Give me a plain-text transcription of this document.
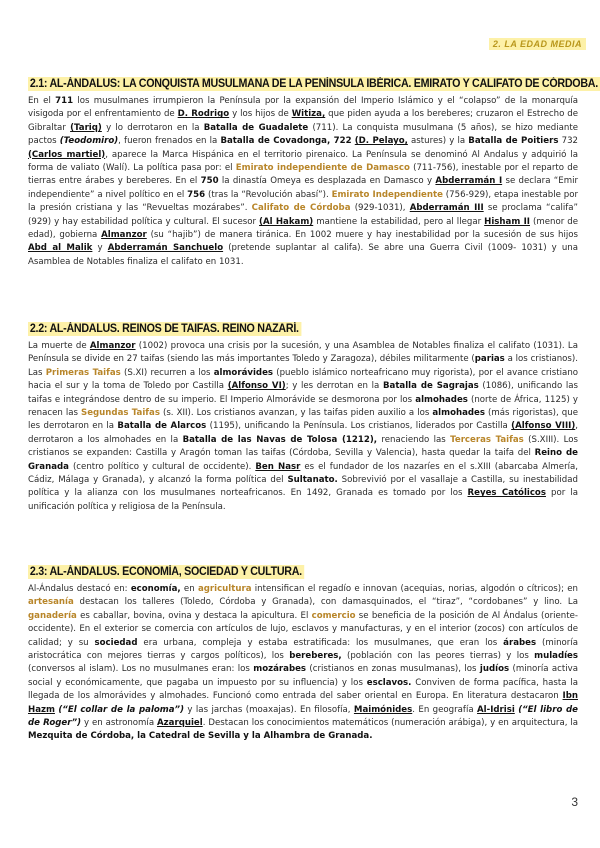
2. LA EDAD MEDIA
2.1: AL-ÁNDALUS: LA CONQUISTA MUSULMANA DE LA PENÍNSULA IBÉRICA. EMIRATO Y CALIFATO DE CÓRDOBA.

En el 711 los musulmanes irrumpieron la Península por la expansión del Imperio Islámico y el “colapso” de la monarquía visigoda por el enfrentamiento de D. Rodrigo y los hijos de Witiza, que piden ayuda a los bereberes; cruzaron el Estrecho de Gibraltar (Tariq) y lo derrotaron en la Batalla de Guadalete (711). La conquista musulmana (5 años), se hizo mediante pactos (Teodomiro), fueron frenados en la Batalla de Covadonga, 722 (D. Pelayo, astures) y la Batalla de Poitiers 732 (Carlos martiel), aparece la Marca Hispánica en el territorio pirenaico. La Península se denominó Al Andalus y adquirió la forma de valiato (Walí). La política pasa por: el Emirato independiente de Damasco (711-756), inestable por el reparto de tierras entre árabes y bereberes. En el 750 la dinastía Omeya es desplazada en Damasco y Abderramán I se declara “Emir independiente” a nivel político en el 756 (tras la “Revolución abasí”). Emirato Independiente (756-929), etapa inestable por la presión cristiana y las “Revueltas mozárabes”. Califato de Córdoba (929-1031), Abderramán III se proclama “califa” (929) y hay estabilidad política y cultural. El sucesor (Al Hakam) mantiene la estabilidad, pero al llegar Hisham II (menor de edad), gobierna Almanzor (su “hajib”) de manera tiránica. En 1002 muere y hay inestabilidad por la sucesión de sus hijos Abd al Malik y Abderramán Sanchuelo (pretende suplantar al califa). Se abre una Guerra Civil (1009- 1031) y una Asamblea de Notables finaliza el califato en 1031.

2.2: AL-ÁNDALUS. REINOS DE TAIFAS. REINO NAZARÍ.

La muerte de Almanzor (1002) provoca una crisis por la sucesión, y una Asamblea de Notables finaliza el califato (1031). La Península se divide en 27 taifas (siendo las más importantes Toledo y Zaragoza), débiles militarmente (parias a los cristianos). Las Primeras Taifas (S.XI) recurren a los almorávides (pueblo islámico norteafricano muy rigorista), por el avance cristiano hacia el sur y la toma de Toledo por Castilla (Alfonso VI); y les derrotan en la Batalla de Sagrajas (1086), unificando las taifas e integrándose dentro de su imperio. El Imperio Almorávide se desmorona por los almohades (norte de África, 1125) y renacen las Segundas Taifas (s. XII). Los cristianos avanzan, y las taifas piden auxilio a los almohades (más rigoristas), que les derrotaron en la Batalla de Alarcos (1195), unificando la Península. Los cristianos, liderados por Castilla (Alfonso VIII), derrotaron a los almohades en la Batalla de las Navas de Tolosa (1212), renaciendo las Terceras Taifas (S.XIII). Los cristianos se expanden: Castilla y Aragón toman las taifas (Córdoba, Sevilla y Valencia), hasta quedar la taifa del Reino de Granada (centro político y cultural de occidente). Ben Nasr es el fundador de los nazaríes en el s.XIII (abarcaba Almería, Cádiz, Málaga y Granada), y alcanzó la forma política del Sultanato. Sobrevivió por el vasallaje a Castilla, su inestabilidad política y la alianza con los musulmanes norteafricanos. En 1492, Granada es tomado por los Reyes Católicos por la unificación política y religiosa de la Península.

2.3: AL-ÁNDALUS. ECONOMÍA, SOCIEDAD Y CULTURA.

Al-Ándalus destacó en: economía, en agricultura intensifican el regadío e innovan (acequias, norias, algodón o cítricos); en artesanía destacan los talleres (Toledo, Córdoba y Granada), con damasquinados, el “tiraz”, “cordobanes” y lino. La ganadería es caballar, bovina, ovina y destaca la apicultura. El comercio se beneficia de la posición de Al Ándalus (oriente-occidente). En el exterior se comercia con artículos de lujo, esclavos y manufacturas, y en el interior (zocos) con artículos de calidad; y su sociedad era urbana, compleja y estaba estratificada: los musulmanes, que eran los árabes (minoría aristocrática con mejores tierras y cargos políticos), los bereberes, (población con las peores tierras) y los muladíes (conversos al islam). Los no musulmanes eran: los mozárabes (cristianos en zonas musulmanas), los judíos (minoría activa social y económicamente, que pagaba un impuesto por su influencia) y los esclavos. Conviven de forma pacífica, hasta la llegada de los almorávides y almohades. Funcionó como entrada del saber oriental en Europa. En literatura destacaron Ibn Hazm (“El collar de la paloma”) y las jarchas (moaxajas). En filosofía, Maimónides. En geografía Al-Idrisi (“El libro de de Roger”) y en astronomía Azarquiel. Destacan los conocimientos matemáticos (numeración arábiga), y en arquitectura, la Mezquita de Córdoba, la Catedral de Sevilla y la Alhambra de Granada.

3
